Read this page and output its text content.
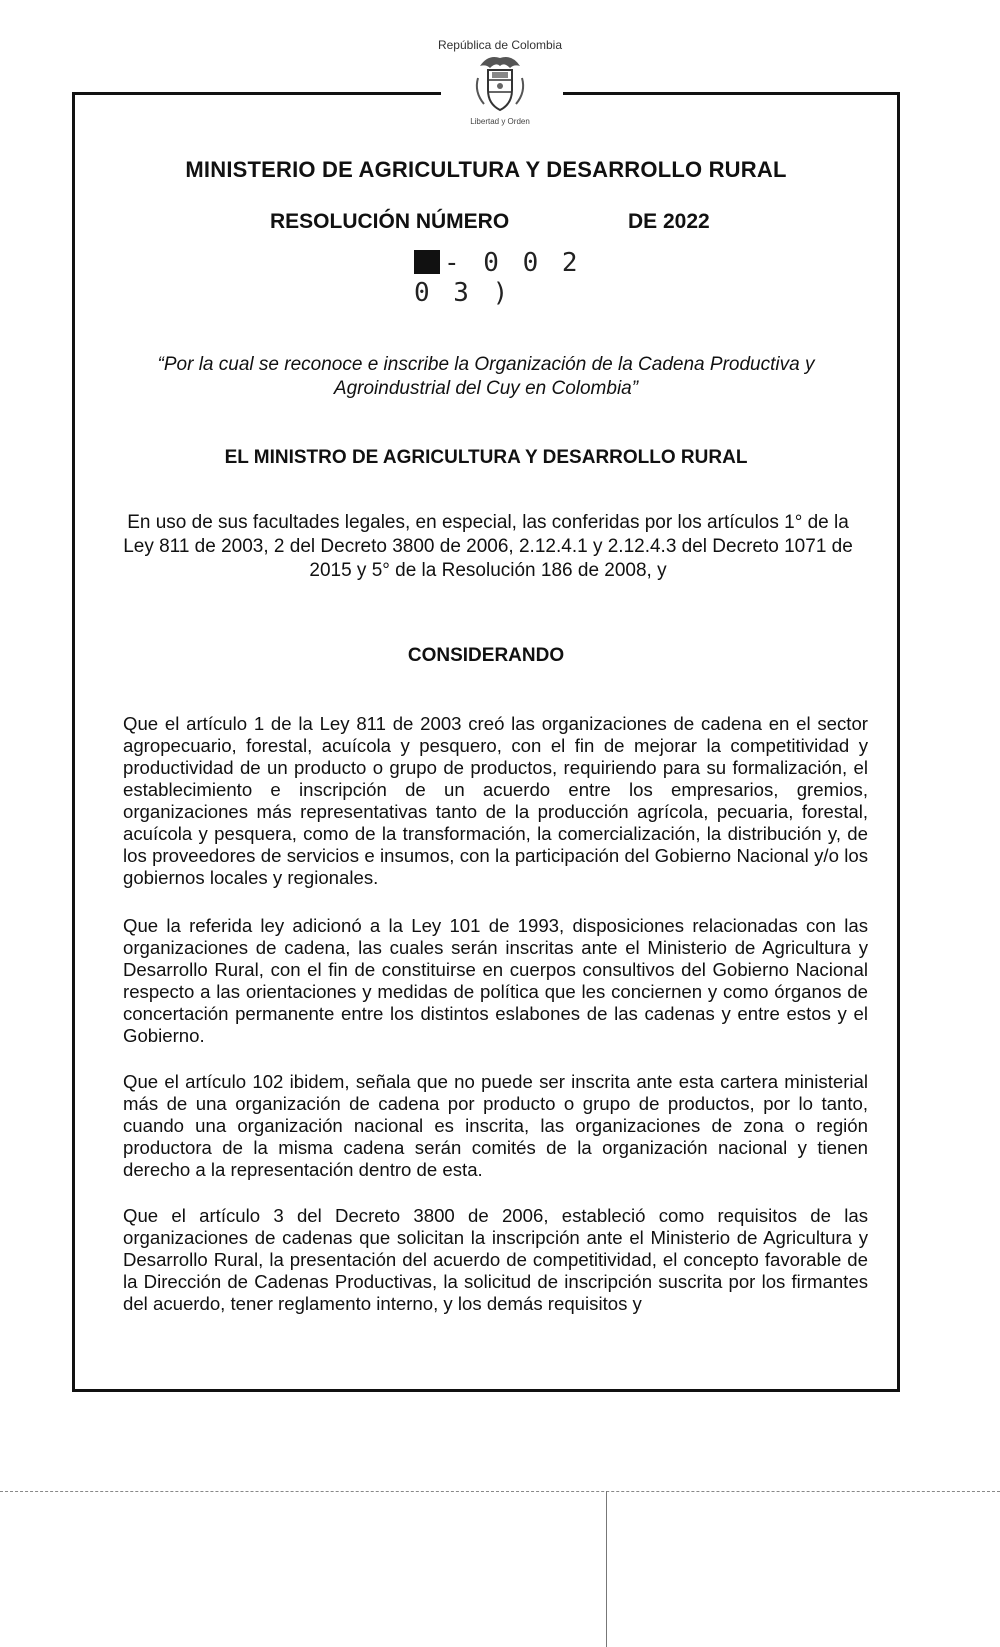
República de Colombia
Libertad y Orden
MINISTERIO DE AGRICULTURA Y DESARROLLO RURAL
RESOLUCIÓN NÚMERO	DE 2022
- 0 0 2 0 3 )
“Por la cual se reconoce e inscribe la Organización de la Cadena Productiva y Agroindustrial del Cuy en Colombia”
EL MINISTRO DE AGRICULTURA Y DESARROLLO RURAL
En uso de sus facultades legales, en especial, las conferidas por los artículos 1° de la Ley 811 de 2003, 2 del Decreto 3800 de 2006, 2.12.4.1 y 2.12.4.3 del Decreto 1071 de 2015 y 5° de la Resolución 186 de 2008, y
CONSIDERANDO
Que el artículo 1 de la Ley 811 de 2003 creó las organizaciones de cadena en el sector agropecuario, forestal, acuícola y pesquero, con el fin de mejorar la competitividad y productividad de un producto o grupo de productos, requiriendo para su formalización, el establecimiento e inscripción de un acuerdo entre los empresarios, gremios, organizaciones más representativas tanto de la producción agrícola, pecuaria, forestal, acuícola y pesquera, como de la transformación, la comercialización, la distribución y, de los proveedores de servicios e insumos, con la participación del Gobierno Nacional y/o los gobiernos locales y regionales.
Que la referida ley adicionó a la Ley 101 de 1993, disposiciones relacionadas con las organizaciones de cadena, las cuales serán inscritas ante el Ministerio de Agricultura y Desarrollo Rural, con el fin de constituirse en cuerpos consultivos del Gobierno Nacional respecto a las orientaciones y medidas de política que les conciernen y como órganos de concertación permanente entre los distintos eslabones de las cadenas y entre estos y el Gobierno.
Que el artículo 102 ibidem, señala que no puede ser inscrita ante esta cartera ministerial más de una organización de cadena por producto o grupo de productos, por lo tanto, cuando una organización nacional es inscrita, las organizaciones de zona o región productora de la misma cadena serán comités de la organización nacional y tienen derecho a la representación dentro de esta.
Que el artículo 3 del Decreto 3800 de 2006, estableció como requisitos de las organizaciones de cadenas que solicitan la inscripción ante el Ministerio de Agricultura y Desarrollo Rural, la presentación del acuerdo de competitividad, el concepto favorable de la Dirección de Cadenas Productivas, la solicitud de inscripción suscrita por los firmantes del acuerdo, tener reglamento interno, y los demás requisitos y
